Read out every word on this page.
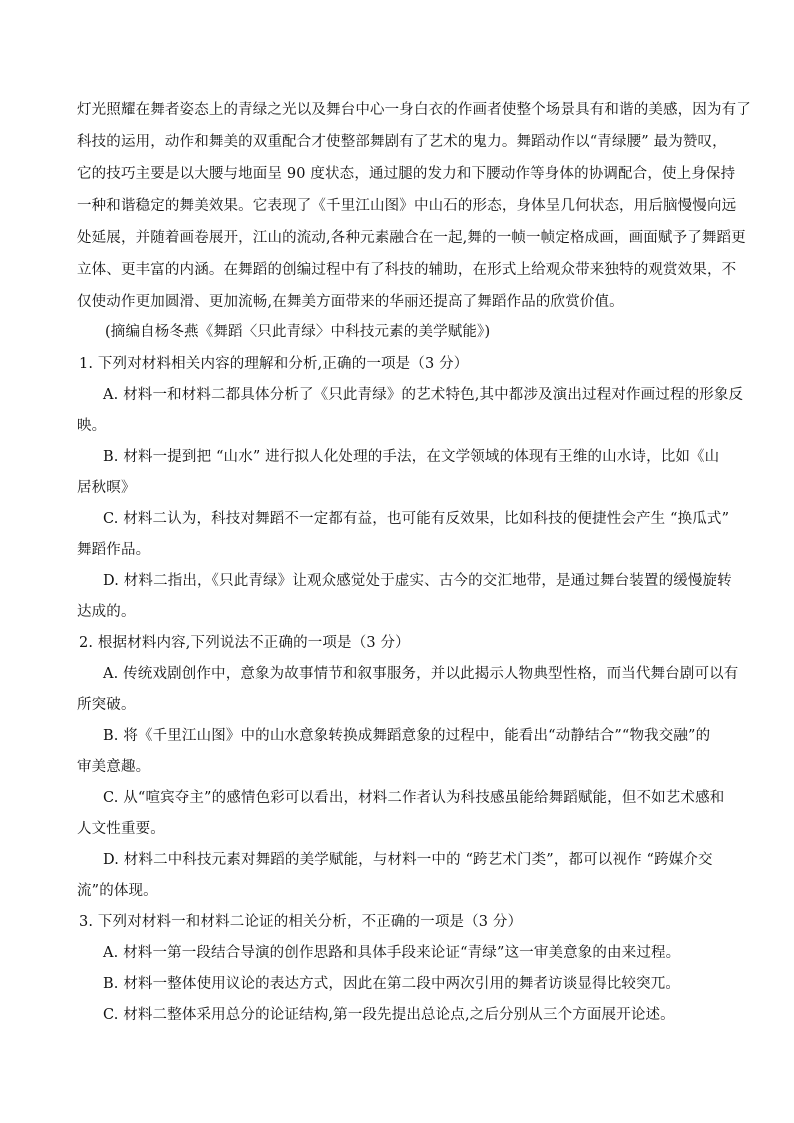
灯光照耀在舞者姿态上的青绿之光以及舞台中心一身白衣的作画者使整个场景具有和谐的美感，因为有了
科技的运用，动作和舞美的双重配合才使整部舞剧有了艺术的鬼力。舞蹈动作以“青绿腰” 最为赞叹，
它的技巧主要是以大腰与地面呈 90 度状态，通过腿的发力和下腰动作等身体的协调配合，使上身保持
一种和谐稳定的舞美效果。它表现了《千里江山图》中山石的形态，身体呈几何状态，用后脑慢慢向远
处延展，并随着画卷展开，江山的流动,各种元素融合在一起,舞的一帧一帧定格成画，画面赋予了舞蹈更
立体、更丰富的内涵。在舞蹈的创编过程中有了科技的辅助，在形式上给观众带来独特的观赏效果，不
仅使动作更加圆滑、更加流畅,在舞美方面带来的华丽还提高了舞蹈作品的欣赏价值。
(摘编自杨冬燕《舞蹈〈只此青绿〉中科技元素的美学赋能》)
1. 下列对材料相关内容的理解和分析,正确的一项是（3 分）
A. 材料一和材料二都具体分析了《只此青绿》的艺术特色,其中都涉及演出过程对作画过程的形象反
映。
B. 材料一提到把 “山水” 进行拟人化处理的手法，在文学领域的体现有王维的山水诗，比如《山
居秋暝》
C. 材料二认为，科技对舞蹈不一定都有益，也可能有反效果，比如科技的便捷性会产生 “换瓜式”
舞蹈作品。
D. 材料二指出，《只此青绿》让观众感觉处于虚实、古今的交汇地带，是通过舞台装置的缓慢旋转
达成的。
2. 根据材料内容,下列说法不正确的一项是（3 分）
A. 传统戏剧创作中，意象为故事情节和叙事服务，并以此揭示人物典型性格，而当代舞台剧可以有
所突破。
B. 将《千里江山图》中的山水意象转换成舞蹈意象的过程中，能看出“动静结合”“物我交融”的
审美意趣。
C. 从“喧宾夺主”的感情色彩可以看出，材料二作者认为科技感虽能给舞蹈赋能，但不如艺术感和
人文性重要。
D. 材料二中科技元素对舞蹈的美学赋能，与材料一中的 “跨艺术门类”，都可以视作 “跨媒介交
流”的体现。
3. 下列对材料一和材料二论证的相关分析，不正确的一项是（3 分）
A. 材料一第一段结合导演的创作思路和具体手段来论证“青绿”这一审美意象的由来过程。
B. 材料一整体使用议论的表达方式，因此在第二段中两次引用的舞者访谈显得比较突兀。
C. 材料二整体采用总分的论证结构,第一段先提出总论点,之后分别从三个方面展开论述。
